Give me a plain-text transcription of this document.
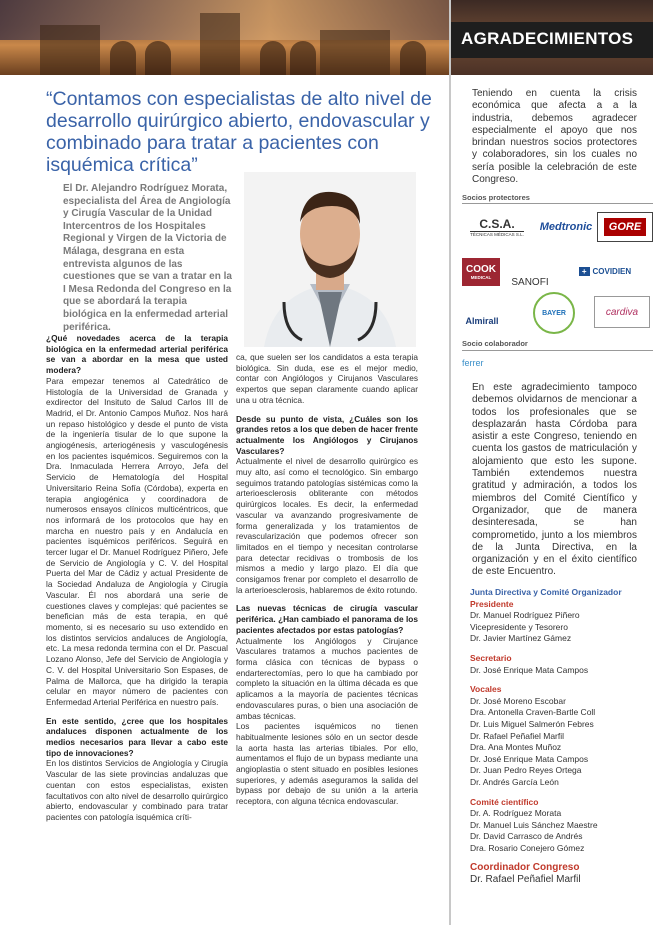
AGRADECIMIENTOS
“Contamos con especialistas de alto nivel de desarrollo quirúrgico abierto, endovascular y combinado para tratar a pacientes con isquémica crítica”
El Dr. Alejandro Rodríguez Morata, especialista del Área de Angiología y Cirugía Vascular de la Unidad Intercentros de los Hospitales Regional y Virgen de la Victoria de Málaga, desgrana en esta entrevista algunos de las cuestiones que se van a tratar en la I Mesa Redonda del Congreso en la que se abordará la terapia biológica en la enfermedad arterial periférica.

¿Qué novedades acerca de la terapia biológica en la enfermedad arterial periférica se van a abordar en la mesa que usted modera?
Para empezar tenemos al Catedrático de Histología de la Universidad de Granada y exdirector del Insituto de Salud Carlos III de Madrid, el Dr. Antonio Campos Muñoz. Nos hará un repaso histológico y desde el punto de vista de la ingeniería tisular de lo que supone la angiogénesis, arteriogénesis y vasculogénesis en los pacientes isquémicos. Seguiremos con la Dra. Inmaculada Herrera Arroyo, Jefa del Servicio de Hematología del Hospital Universitario Reina Sofía (Córdoba), experta en terapia angiogénica y coordinadora de numerosos ensayos clínicos multicéntricos, que nos informará de los protocolos que hay en marcha en nuestro país y en Andalucía en pacientes isquémicos periféricos. Seguirá en tercer lugar el Dr. Manuel Rodríguez Piñero, Jefe de Servicio de Angiología y C. V. del Hospital Puerta del Mar de Cádiz y actual Presidente de la Sociedad Andaluza de Angiología y Cirugía Vascular. Él nos abordará una serie de cuestiones claves y complejas: qué pacientes se benefician más de esta terapia, en qué momento, si es necesario su uso extendido en los distintos servicios andaluces de Angiología, etc. La mesa redonda termina con el Dr. Pascual Lozano Alonso, Jefe del Servicio de Angiología y C. V. del Hospital Universitario Son Espases, de Palma de Mallorca, que ha dirigido la terapia celular en mayor número de pacientes con Enfermedad Arterial Periférica en nuestro país.

En este sentido, ¿cree que los hospitales andaluces disponen actualmente de los medios necesarios para llevar a cabo este tipo de innovaciones?
En los distintos Servicios de Angiología y Cirugía Vascular de las siete provincias andaluzas que cuentan con estos especialistas, existen facultativos con alto nivel de desarrollo quirúrgico abierto, endovascular y combinado para tratar pacientes con patología isquémica críti-

ca, que suelen ser los candidatos a esta terapia biológica. Sin duda, ese es el mejor medio, contar con Angiólogos y Cirujanos Vasculares expertos que sepan claramente cuando aplicar una u otra técnica.

Desde su punto de vista, ¿Cuáles son los grandes retos a los que deben de hacer frente actualmente los Angiólogos y Cirujanos Vasculares?
Actualmente el nivel de desarrollo quirúrgico es muy alto, así como el tecnológico. Sin embargo seguimos tratando patologías sistémicas como la arterioesclerosis obliterante con métodos quirúrgicos locales. Es decir, la enfermedad vascular va avanzando progresivamente de forma generalizada y los tratamientos de revascularización que podemos ofrecer son limitados en el tiempo y necesitan controlarse para detectar recidivas o trombosis de los mismos a medio y largo plazo. El día que consigamos frenar por completo el desarrollo de la arterioesclerosis, hablaremos de éxito rotundo.

Las nuevas técnicas de cirugía vascular periférica. ¿Han cambiado el panorama de los pacientes afectados por estas patologías?
Actualmente los Angiólogos y Cirujance Vasculares tratamos a muchos pacientes de forma clásica con técnicas de bypass o endarterectomías, pero lo que ha cambiado por completo la situación en la última década es que aplicamos a la mayoría de pacientes técnicas endovasculares puras, o bien una asociación de ambas técnicas.

Los pacientes isquémicos no tienen habitualmente lesiones sólo en un sector desde la aorta hasta las arterias tibiales. Por ello, aumentamos el flujo de un bypass mediante una angioplastia o stent situado en posibles lesiones superiores, y además aseguramos la salida del bypass por debajo de su unión a la arteria receptora, con alguna técnica endovascular.

Teniendo en cuenta la crisis económica que afecta a a la industria, debemos agradecer especialmente el apoyo que nos brindan nuestros socios protectores y colaboradores, sin los cuales no sería posible la celebración de este Congreso.
Socios protectores
C.S.A.
TÉCNICAS MÉDICAS S.L.
Medtronic	GORE
COOK
MEDICAL SANOFI
+ COVIDIEN
Almirall
BAYER	cardiva
Socio colaborador
ferrer
En este agradecimiento tampoco debemos olvidarnos de mencionar a todos los profesionales que se desplazarán hasta Córdoba para asistir a este Congreso, teniendo en cuenta los gastos de matriculación y alojamiento que esto les supone. También extendemos nuestra gratitud y admiración, a todos los miembros del Comité Científico y Organizador, que de manera desinteresada, se han comprometido, junto a los miembros de la Junta Directiva, en la organización y en el éxito científico de este Encuentro.
Junta Directiva y Comité Organizador
Presidente
Dr. Manuel Rodríguez Piñero
Vicepresidente y Tesorero
Dr. Javier Martínez Gámez
Secretario
Dr. José Enrique Mata Campos
Vocales
Dr. José Moreno Escobar
Dra. Antonella Craven-Bartle Coll
Dr. Luis Miguel Salmerón Febres
Dr. Rafael Peñafiel Marfil
Dra. Ana Montes Muñoz
Dr. José Enrique Mata Campos
Dr. Juan Pedro Reyes Ortega
Dr. Andrés García León
Comité científico
Dr. A. Rodríguez Morata
Dr. Manuel Luis Sánchez Maestre
Dr. David Carrasco de Andrés
Dra. Rosario Conejero Gómez
Coordinador Congreso
Dr. Rafael Peñafiel Marfil
